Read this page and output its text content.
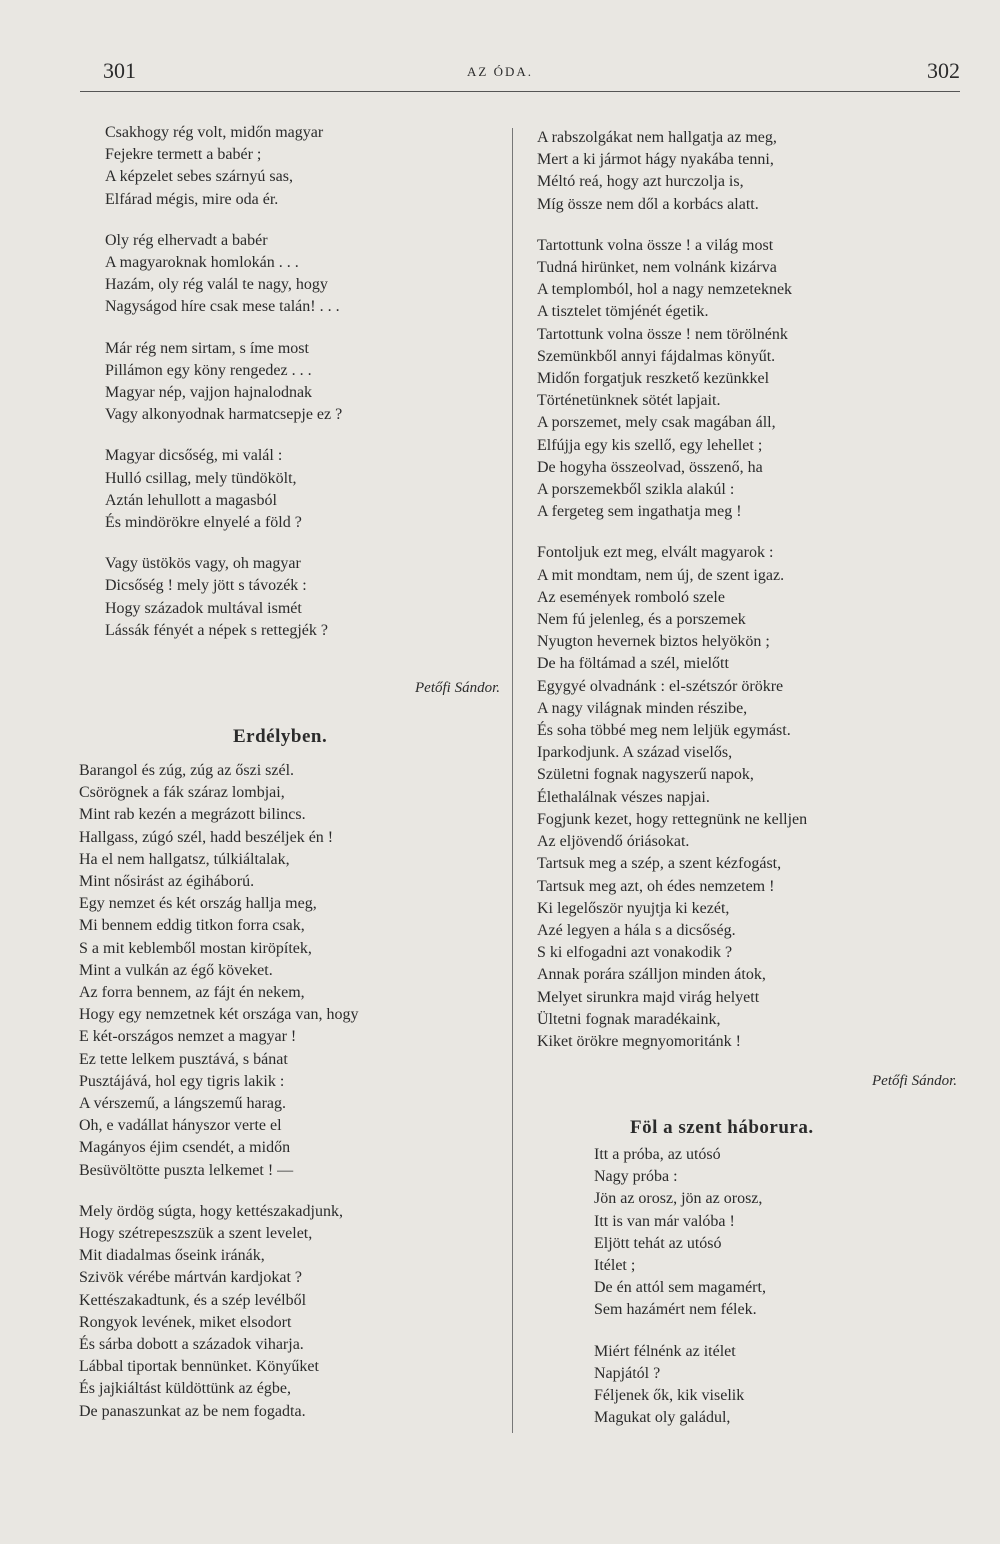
301	AZ ÓDA.	302
Csakhogy rég volt, midőn magyar
Fejekre termett a babér ;
A képzelet sebes szárnyú sas,
Elfárad mégis, mire oda ér.
Oly rég elhervadt a babér
A magyaroknak homlokán . . .
Hazám, oly rég valál te nagy, hogy
Nagyságod híre csak mese talán! . . .
Már rég nem sirtam, s íme most
Pillámon egy köny rengedez . . .
Magyar nép, vajjon hajnalodnak
Vagy alkonyodnak harmatcsepje ez ?
Magyar dicsőség, mi valál :
Hulló csillag, mely tündökölt,
Aztán lehullott a magasból
És mindörökre elnyelé a föld ?
Vagy üstökös vagy, oh magyar
Dicsőség ! mely jött s távozék :
Hogy századok multával ismét
Lássák fényét a népek s rettegjék ?
Petőfi Sándor.
Erdélyben.
Barangol és zúg, zúg az őszi szél.
Csörögnek a fák száraz lombjai,
Mint rab kezén a megrázott bilincs.
Hallgass, zúgó szél, hadd beszéljek én !
Ha el nem hallgatsz, túlkiáltalak,
Mint nősirást az égiháború.
Egy nemzet és két ország hallja meg,
Mi bennem eddig titkon forra csak,
S a mit keblemből mostan kiröpítek,
Mint a vulkán az égő köveket.
Az forra bennem, az fájt én nekem,
Hogy egy nemzetnek két országa van, hogy
E két-országos nemzet a magyar !
Ez tette lelkem pusztává, s bánat
Pusztájává, hol egy tigris lakik :
A vérszemű, a lángszemű harag.
Oh, e vadállat hányszor verte el
Magányos éjim csendét, a midőn
Besüvöltötte puszta lelkemet ! —
Mely ördög súgta, hogy kettészakadjunk,
Hogy szétrepeszszük a szent levelet,
Mit diadalmas őseink iránák,
Szivök vérébe mártván kardjokat ?
Kettészakadtunk, és a szép levélből
Rongyok levének, miket elsodort
És sárba dobott a századok viharja.
Lábbal tiportak bennünket. Könyűket
És jajkiáltást küldöttünk az égbe,
De panaszunkat az be nem fogadta.
A rabszolgákat nem hallgatja az meg,
Mert a ki jármot hágy nyakába tenni,
Méltó reá, hogy azt hurczolja is,
Míg össze nem dől a korbács alatt.
Tartottunk volna össze ! a világ most
Tudná hirünket, nem volnánk kizárva
A templomból, hol a nagy nemzeteknek
A tisztelet tömjénét égetik.
Tartottunk volna össze ! nem törölnénk
Szemünkből annyi fájdalmas könyűt.
Midőn forgatjuk reszkető kezünkkel
Történetünknek sötét lapjait.
A porszemet, mely csak magában áll,
Elfújja egy kis szellő, egy lehellet ;
De hogyha összeolvad, összenő, ha
A porszemekből szikla alakúl :
A fergeteg sem ingathatja meg !
Fontoljuk ezt meg, elvált magyarok :
A mit mondtam, nem új, de szent igaz.
Az események romboló szele
Nem fú jelenleg, és a porszemek
Nyugton hevernek biztos helyökön ;
De ha föltámad a szél, mielőtt
Egygyé olvadnánk : el-szétszór örökre
A nagy világnak minden részibe,
És soha többé meg nem leljük egymást.
Iparkodjunk. A század viselős,
Születni fognak nagyszerű napok,
Élethalálnak vészes napjai.
Fogjunk kezet, hogy rettegnünk ne kelljen
Az eljövendő óriásokat.
Tartsuk meg a szép, a szent kézfogást,
Tartsuk meg azt, oh édes nemzetem !
Ki legelőször nyujtja ki kezét,
Azé legyen a hála s a dicsőség.
S ki elfogadni azt vonakodik ?
Annak porára szálljon minden átok,
Melyet sirunkra majd virág helyett
Ültetni fognak maradékaink,
Kiket örökre megnyomoritánk !
Petőfi Sándor.
Föl a szent háborura.
Itt a próba, az utósó
Nagy próba :
Jön az orosz, jön az orosz,
Itt is van már valóba !
Eljött tehát az utósó
Itélet ;
De én attól sem magamért,
Sem hazámért nem félek.
Miért félnénk az itélet
Napjától ?
Féljenek ők, kik viselik
Magukat oly galádul,
